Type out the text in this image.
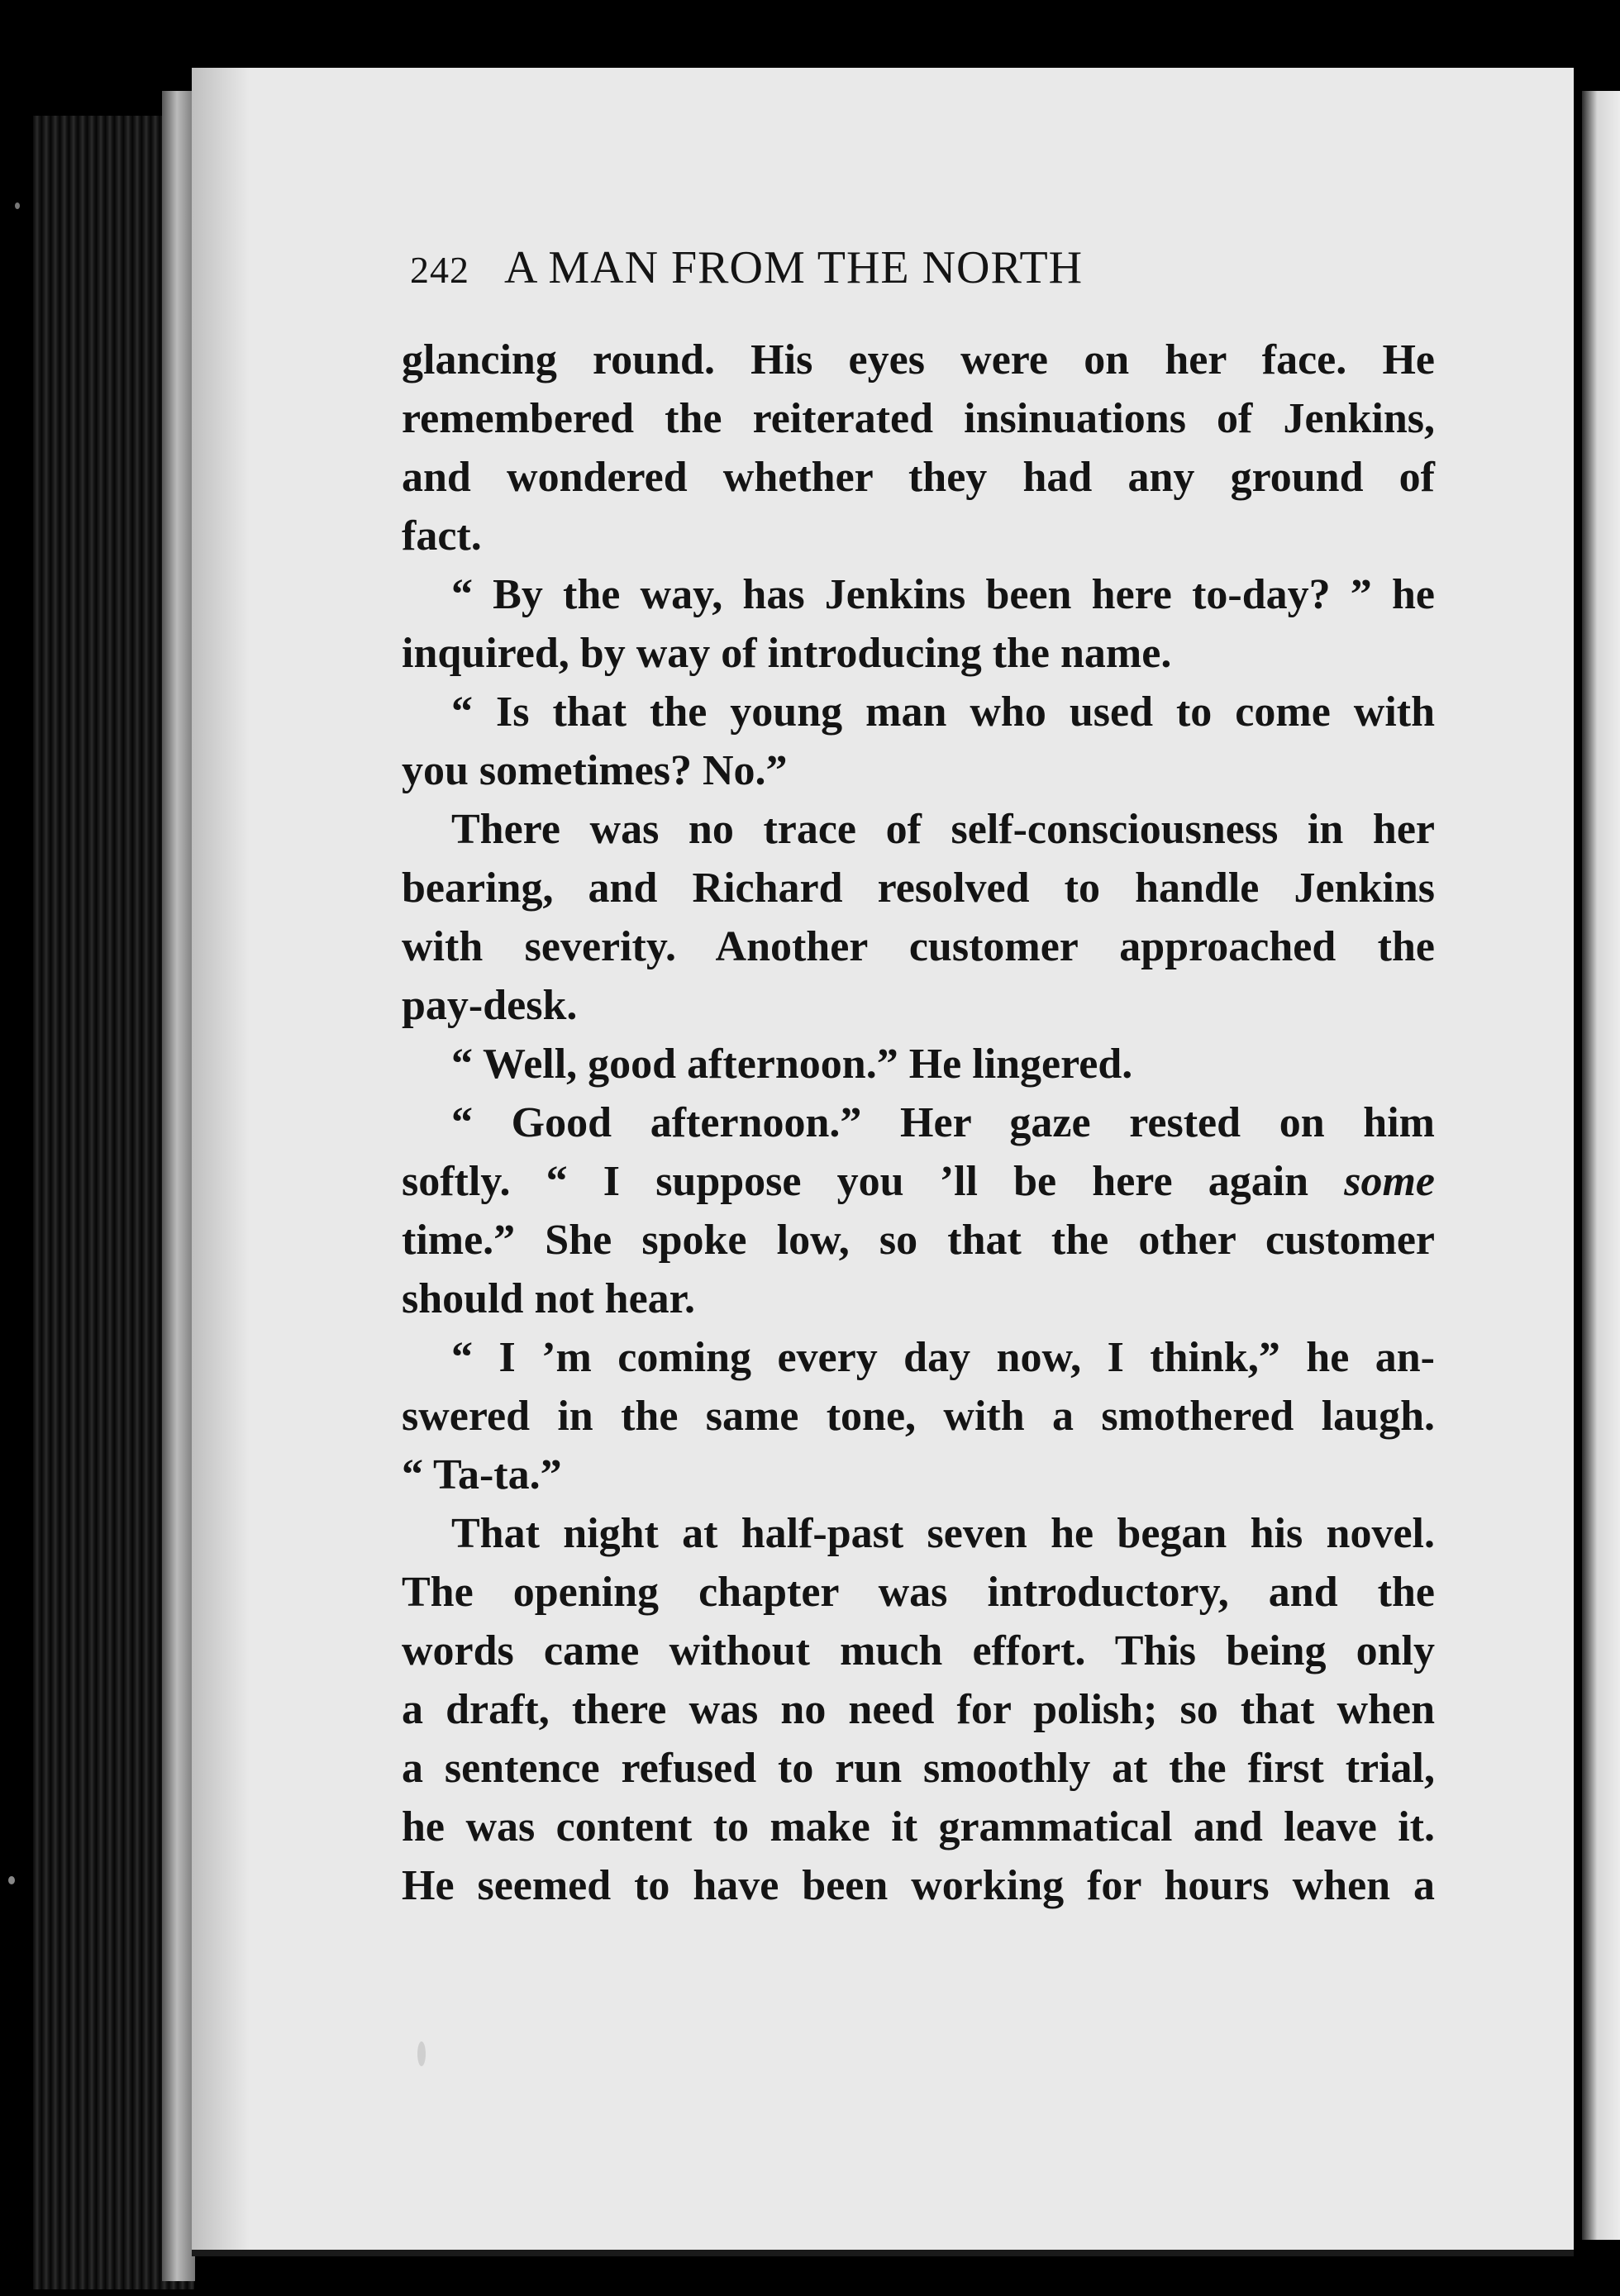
242 A MAN FROM THE NORTH
glancing round. His eyes were on her face. He
remembered the reiterated insinuations of Jenkins,
and wondered whether they had any ground of
fact.
“ By the way, has Jenkins been here to-day? ” he
inquired, by way of introducing the name.
“ Is that the young man who used to come with
you sometimes? No.”
There was no trace of self-consciousness in her
bearing, and Richard resolved to handle Jenkins
with severity. Another customer approached the
pay-desk.
“ Well, good afternoon.” He lingered.
“ Good afternoon.” Her gaze rested on him
softly. “ I suppose you ’ll be here again some
time.” She spoke low, so that the other customer
should not hear.
“ I ’m coming every day now, I think,” he an-
swered in the same tone, with a smothered laugh.
“ Ta-ta.”
That night at half-past seven he began his novel.
The opening chapter was introductory, and the
words came without much effort. This being only
a draft, there was no need for polish; so that when
a sentence refused to run smoothly at the first trial,
he was content to make it grammatical and leave it.
He seemed to have been working for hours when a
